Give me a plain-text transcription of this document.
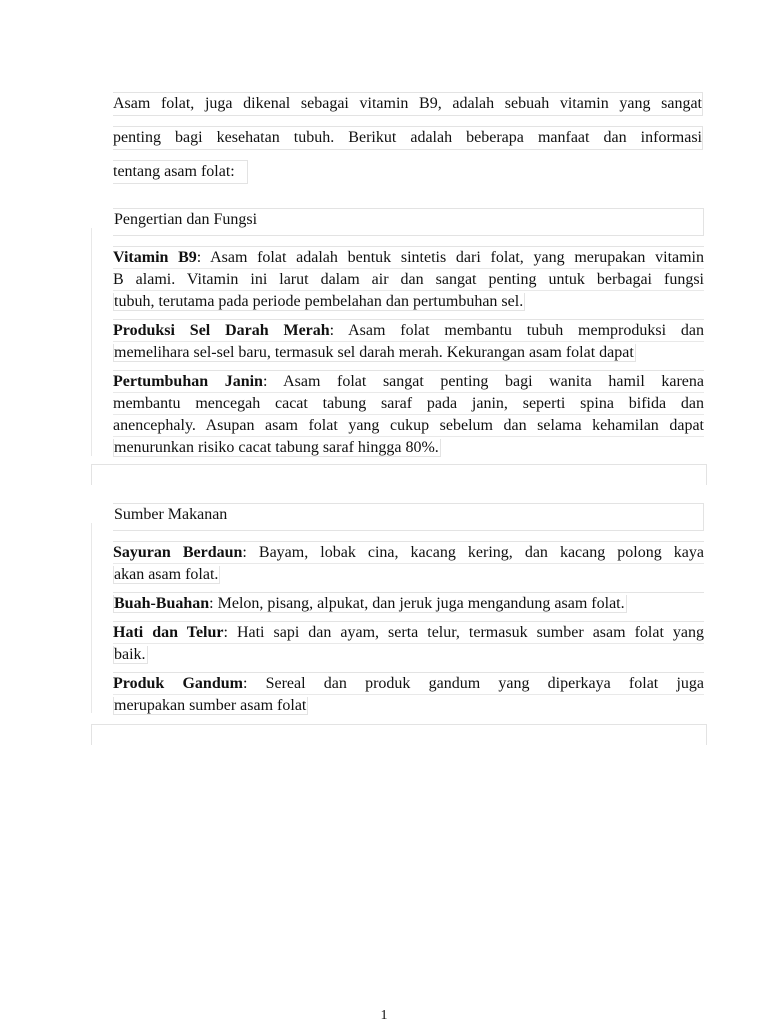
Asam folat, juga dikenal sebagai vitamin B9, adalah sebuah vitamin yang sangat
penting bagi kesehatan tubuh. Berikut adalah beberapa manfaat dan informasi
tentang asam folat:
Pengertian dan Fungsi
Vitamin B9: Asam folat adalah bentuk sintetis dari folat, yang merupakan vitamin
B alami. Vitamin ini larut dalam air dan sangat penting untuk berbagai fungsi
tubuh, terutama pada periode pembelahan dan pertumbuhan sel.
Produksi Sel Darah Merah: Asam folat membantu tubuh memproduksi dan
memelihara sel-sel baru, termasuk sel darah merah. Kekurangan asam folat dapat
Pertumbuhan Janin: Asam folat sangat penting bagi wanita hamil karena
membantu mencegah cacat tabung saraf pada janin, seperti spina bifida dan
anencephaly. Asupan asam folat yang cukup sebelum dan selama kehamilan dapat
menurunkan risiko cacat tabung saraf hingga 80%.
Sumber Makanan
Sayuran Berdaun: Bayam, lobak cina, kacang kering, dan kacang polong kaya
akan asam folat.
Buah-Buahan: Melon, pisang, alpukat, dan jeruk juga mengandung asam folat.
Hati dan Telur: Hati sapi dan ayam, serta telur, termasuk sumber asam folat yang
baik.
Produk Gandum: Sereal dan produk gandum yang diperkaya folat juga
merupakan sumber asam folat
1
